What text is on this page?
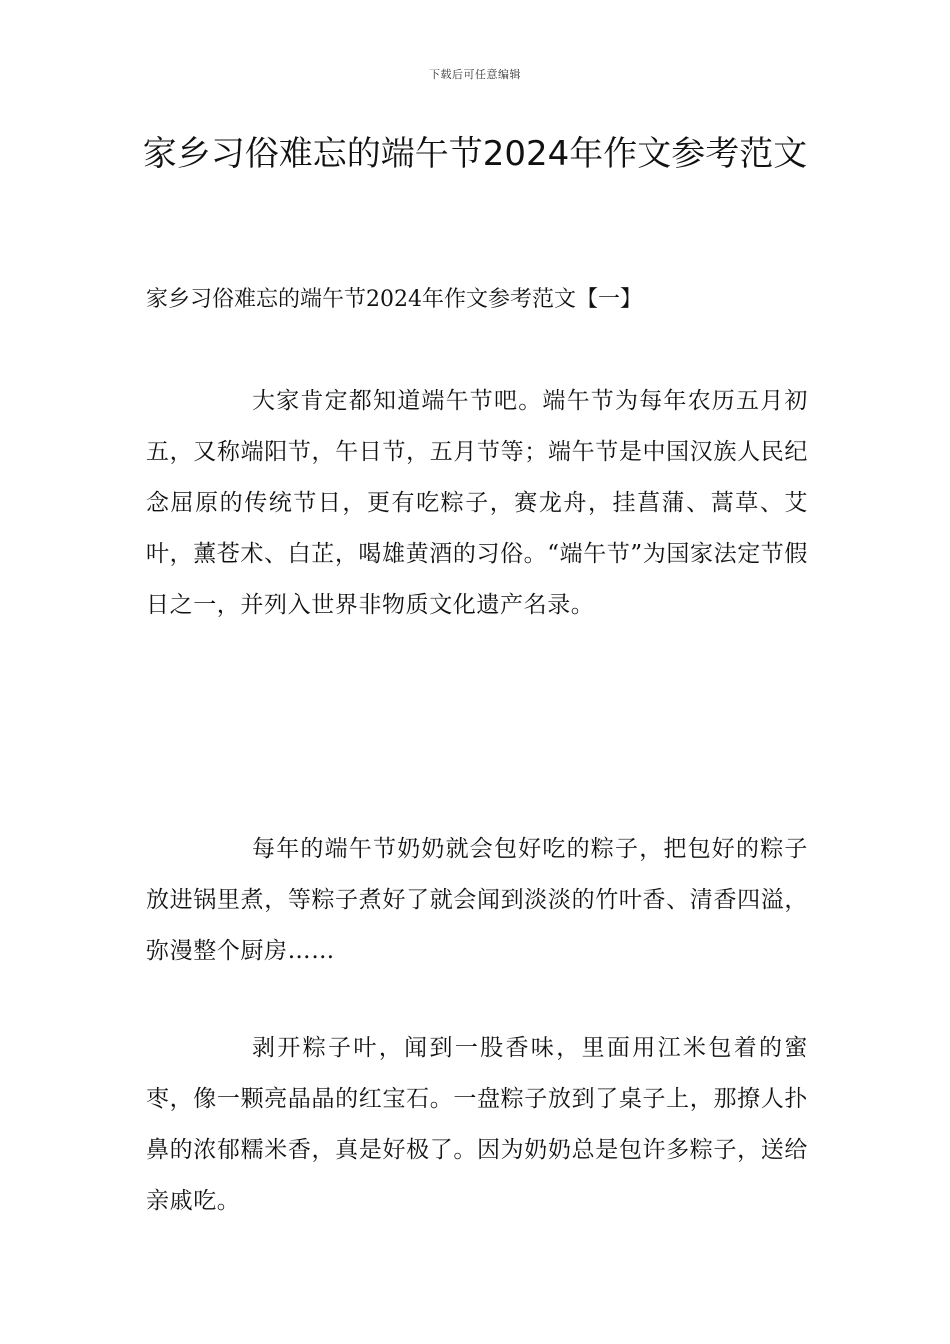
下载后可任意编辑
家乡习俗难忘的端午节2024年作文参考范文
家乡习俗难忘的端午节2024年作文参考范文【一】

大家肯定都知道端午节吧。端午节为每年农历五月初五，又称端阳节，午日节，五月节等；端午节是中国汉族人民纪念屈原的传统节日，更有吃粽子，赛龙舟，挂菖蒲、蒿草、艾叶，薰苍术、白芷，喝雄黄酒的习俗。“端午节”为国家法定节假日之一，并列入世界非物质文化遗产名录。

每年的端午节奶奶就会包好吃的粽子，把包好的粽子放进锅里煮，等粽子煮好了就会闻到淡淡的竹叶香、清香四溢，弥漫整个厨房……

剥开粽子叶，闻到一股香味，里面用江米包着的蜜枣，像一颗亮晶晶的红宝石。一盘粽子放到了桌子上，那撩人扑鼻的浓郁糯米香，真是好极了。因为奶奶总是包许多粽子，送给亲戚吃。
